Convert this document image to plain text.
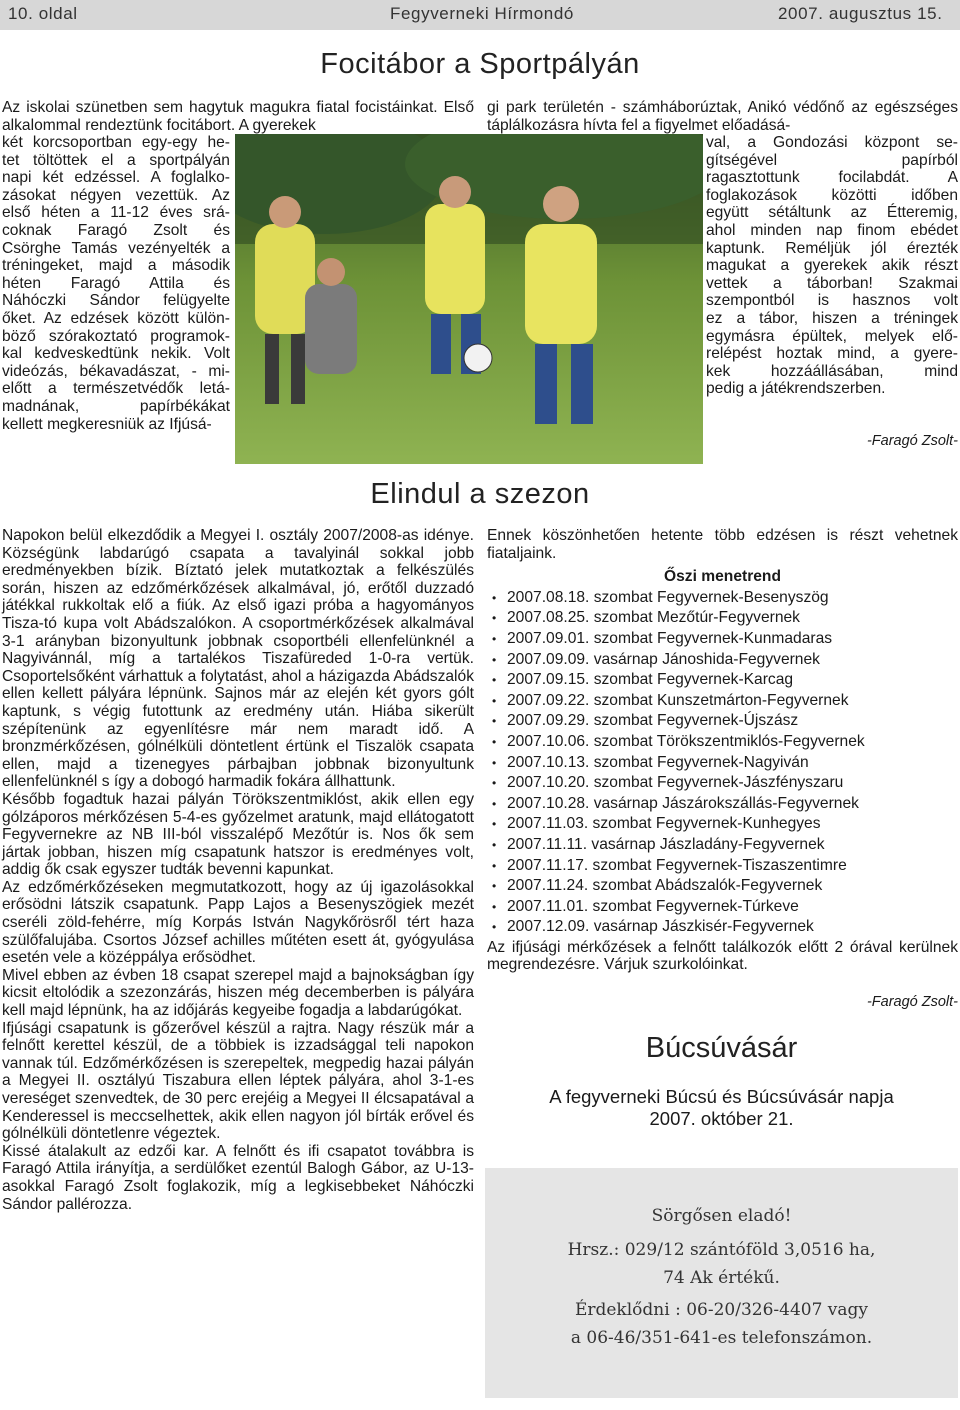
10. oldal	Fegyverneki Hírmondó	2007. augusztus 15.
Focitábor a Sportpályán
Az iskolai szünetben sem hagytuk magukra fiatal focistáinkat. Első alkalommal rendeztünk focitábort. A gyerekek
két korcsoportban egy-egy he-
tet töltöttek el a sportpályán
napi két edzéssel. A foglalko-
zásokat négyen vezettük. Az
első héten a 11-12 éves srá-
coknak Faragó Zsolt és
Csörghe Tamás vezényelték a
tréningeket, majd a második
héten Faragó Attila és
Náhóczki Sándor felügyelte
őket. Az edzések között külön-
böző szórakoztató programok-
kal kedveskedtünk nekik. Volt
videózás, békavadászat, - mi-
előtt a természetvédők letá-
madnának, papírbékákat
kellett megkeresniük az Ifjúsá-
gi park területén - számháborúztak, Anikó védőnő az egészséges táplálkozásra hívta fel a figyelmet előadásá-
val, a Gondozási központ se-
gítségével papírból
ragasztottunk focilabdát. A
foglakozások közötti időben
együtt sétáltunk az Étteremig,
ahol minden nap finom ebédet
kaptunk. Reméljük jól érezték
magukat a gyerekek akik részt
vettek a táborban! Szakmai
szempontból is hasznos volt
ez a tábor, hiszen a tréningek
egymásra épültek, melyek elő-
relépést hoztak mind, a gyere-
kek hozzáállásában, mind
pedig a játékrendszerben.
-Faragó Zsolt-
Elindul a szezon
Napokon belül elkezdődik a Megyei I. osztály 2007/2008-as idénye. Községünk labdarúgó csapata a tavalyinál sokkal jobb eredményekben bízik. Bíztató jelek mutatkoztak a felkészülés során, hiszen az edzőmérkőzések alkalmával, jó, erőtől duzzadó játékkal rukkoltak elő a fiúk. Az első igazi próba a hagyományos Tisza-tó kupa volt Abádszalókon. A csoportmérkőzések alkalmával 3-1 arányban bizonyultunk jobbnak csoportbéli ellenfelünknél a Nagyivánnál, míg a tartalékos Tiszafüreded 1-0-ra vertük. Csoportelsőként várhattuk a folytatást, ahol a házigazda Abádszalók ellen kellett pályára lépnünk. Sajnos már az elején két gyors gólt kaptunk, s végig futottunk az eredmény után. Hiába sikerült szépítenünk az egyenlítésre már nem maradt idő. A bronzmérkőzésen, gólnélküli döntetlent értünk el Tiszalök csapata ellen, majd a tizenegyes párbajban jobbnak bizonyultunk ellenfelünknél s így a dobogó harmadik fokára állhattunk.
Később fogadtuk hazai pályán Törökszentmiklóst, akik ellen egy gólzáporos mérkőzésen 5-4-es győzelmet aratunk, majd ellátogatott Fegyvernekre az NB III-ból visszalépő Mezőtúr is. Nos ők sem jártak jobban, hiszen míg csapatunk hatszor is eredményes volt, addig ők csak egyszer tudták bevenni kapunkat.
Az edzőmérkőzéseken megmutatkozott, hogy az új igazolásokkal erősödni látszik csapatunk. Papp Lajos a Besenyszögiek mezét cseréli zöld-fehérre, míg Korpás István Nagykőrösről tért haza szülőfalujába. Csortos József achilles műtéten esett át, gyógyulása esetén vele a középpálya erősödhet.
Mivel ebben az évben 18 csapat szerepel majd a bajnokságban így kicsit eltolódik a szezonzárás, hiszen még decemberben is pályára kell majd lépnünk, ha az időjárás kegyeibe fogadja a labdarúgókat.
Ifjúsági csapatunk is gőzerővel készül a rajtra. Nagy részük már a felnőtt kerettel készül, de a többiek is izzadsággal teli napokon vannak túl. Edzőmérkőzésen is szerepeltek, megpedig hazai pályán a Megyei II. osztályú Tiszabura ellen léptek pályára, ahol 3-1-es vereséget szenvedtek, de 30 perc erejéig a Megyei II élcsapatával a Kenderessel is meccselhettek, akik ellen nagyon jól bírták erővel és gólnélküli döntetlenre végeztek.
Kissé átalakult az edzői kar. A felnőtt és ifi csapatot továbbra is Faragó Attila irányítja, a serdülőket ezentúl Balogh Gábor, az U-13- asokkal Faragó Zsolt foglakozik, míg a legkisebbeket Náhóczki Sándor pallérozza.
Ennek köszönhetően hetente több edzésen is részt vehetnek fiataljaink.
Őszi menetrend
• 2007.08.18. szombat Fegyvernek-Besenyszög
• 2007.08.25. szombat Mezőtúr-Fegyvernek
• 2007.09.01. szombat Fegyvernek-Kunmadaras
• 2007.09.09. vasárnap Jánoshida-Fegyvernek
• 2007.09.15. szombat Fegyvernek-Karcag
• 2007.09.22. szombat Kunszetmárton-Fegyvernek
• 2007.09.29. szombat Fegyvernek-Újszász
• 2007.10.06. szombat Törökszentmiklós-Fegyvernek
• 2007.10.13. szombat Fegyvernek-Nagyiván
• 2007.10.20. szombat Fegyvernek-Jászfényszaru
• 2007.10.28. vasárnap Jászárokszállás-Fegyvernek
• 2007.11.03. szombat Fegyvernek-Kunhegyes
• 2007.11.11. vasárnap Jászladány-Fegyvernek
• 2007.11.17. szombat Fegyvernek-Tiszaszentimre
• 2007.11.24. szombat Abádszalók-Fegyvernek
• 2007.11.01. szombat Fegyvernek-Túrkeve
• 2007.12.09. vasárnap Jászkisér-Fegyvernek
Az ifjúsági mérkőzések a felnőtt találkozók előtt 2 órával kerülnek megrendezésre. Várjuk szurkolóinkat.
-Faragó Zsolt-
Búcsúvásár
A fegyverneki Búcsú és Búcsúvásár napja
2007. október 21.
Sörgősen eladó!
Hrsz.: 029/12 szántóföld 3,0516 ha,
74 Ak értékű.
Érdeklődni : 06-20/326-4407 vagy
a 06-46/351-641-es telefonszámon.
